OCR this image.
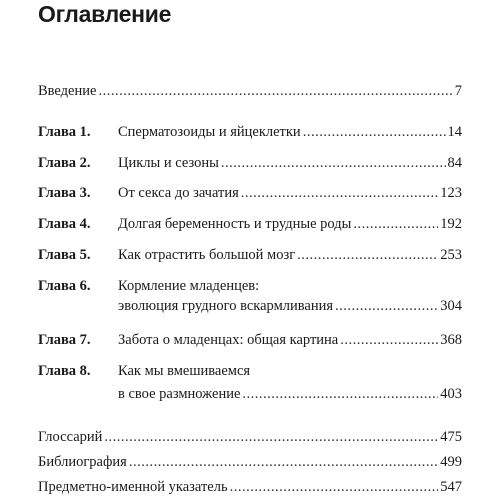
Оглавление
Введение .....	7
Глава 1.	Сперматозоиды и яйцеклетки .....	14
Глава 2.	Циклы и сезоны .....	84
Глава 3.	От секса до зачатия .....	123
Глава 4.	Долгая беременность и трудные роды .....	192
Глава 5.	Как отрастить большой мозг .....	253
Глава 6.	Кормление младенцев:
эволюция грудного вскармливания .....	304
Глава 7.	Забота о младенцах: общая картина .....	368
Глава 8.	Как мы вмешиваемся
в свое размножение .....	403
Глоссарий .....	475
Библиография .....	499
Предметно-именной указатель .....	547
